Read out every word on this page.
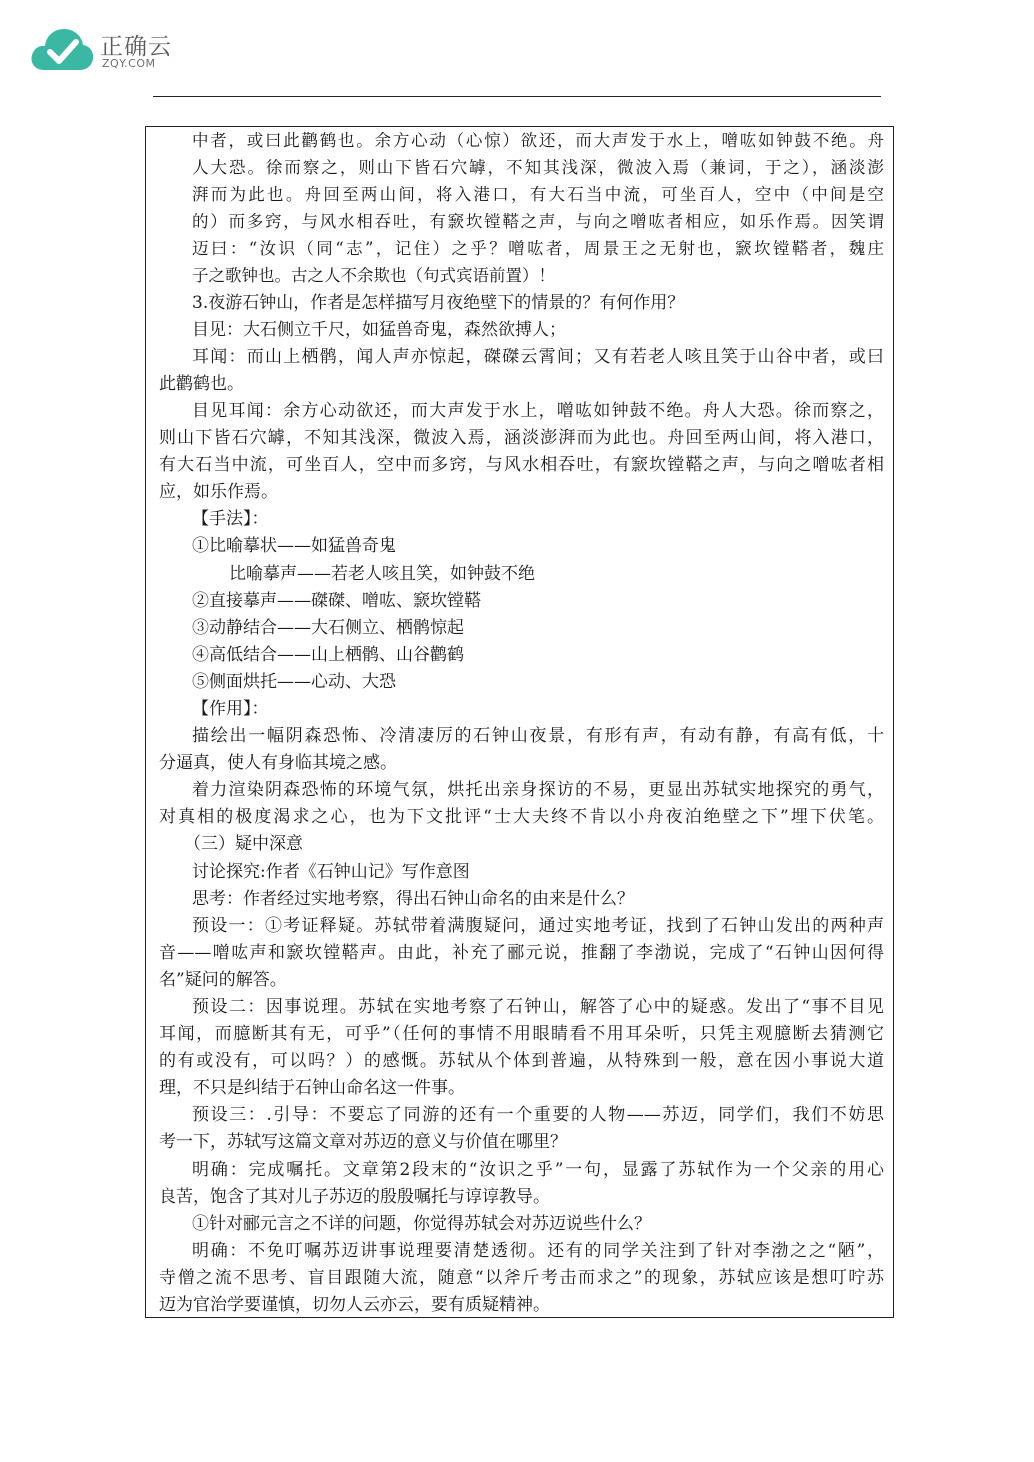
正确云
ZQY.COM
中者，或曰此鹳鹤也。余方心动（心惊）欲还，而大声发于水上，噌吰如钟鼓不绝。舟
人大恐。徐而察之，则山下皆石穴罅，不知其浅深，微波入焉（兼词，于之），涵淡澎
湃而为此也。舟回至两山间，将入港口，有大石当中流，可坐百人，空中（中间是空
的）而多窍，与风水相吞吐，有窾坎镗鞳之声，与向之噌吰者相应，如乐作焉。因笑谓
迈曰：“汝识（同“志”，记住）之乎？噌吰者，周景王之无射也，窾坎镗鞳者，魏庄
子之歌钟也。古之人不余欺也（句式宾语前置）！
3.夜游石钟山，作者是怎样描写月夜绝壁下的情景的？有何作用？
目见：大石侧立千尺，如猛兽奇鬼，森然欲搏人；
耳闻：而山上栖鹘，闻人声亦惊起，磔磔云霄间；又有若老人咳且笑于山谷中者，或曰
此鹳鹤也。
目见耳闻：余方心动欲还，而大声发于水上，噌吰如钟鼓不绝。舟人大恐。徐而察之，
则山下皆石穴罅，不知其浅深，微波入焉，涵淡澎湃而为此也。舟回至两山间，将入港口，
有大石当中流，可坐百人，空中而多窍，与风水相吞吐，有窾坎镗鞳之声，与向之噌吰者相
应，如乐作焉。
【手法】：
①比喻摹状——如猛兽奇鬼
比喻摹声——若老人咳且笑，如钟鼓不绝
②直接摹声——磔磔、噌吰、窾坎镗鞳
③动静结合——大石侧立、栖鹘惊起
④高低结合——山上栖鹘、山谷鹳鹤
⑤侧面烘托——心动、大恐
【作用】：
描绘出一幅阴森恐怖、冷清凄厉的石钟山夜景，有形有声，有动有静，有高有低，十
分逼真，使人有身临其境之感。
着力渲染阴森恐怖的环境气氛，烘托出亲身探访的不易，更显出苏轼实地探究的勇气，
对真相的极度渴求之心，也为下文批评“士大夫终不肯以小舟夜泊绝壁之下”埋下伏笔。
（三）疑中深意
讨论探究:作者《石钟山记》写作意图
思考：作者经过实地考察，得出石钟山命名的由来是什么？
预设一：①考证释疑。苏轼带着满腹疑问，通过实地考证，找到了石钟山发出的两种声
音——噌吰声和窾坎镗鞳声。由此，补充了郦元说，推翻了李渤说，完成了“石钟山因何得
名”疑问的解答。
预设二：因事说理。苏轼在实地考察了石钟山，解答了心中的疑惑。发出了“事不目见
耳闻，而臆断其有无，可乎”（任何的事情不用眼睛看不用耳朵听，只凭主观臆断去猜测它
的有或没有，可以吗？）的感慨。苏轼从个体到普遍，从特殊到一般，意在因小事说大道
理，不只是纠结于石钟山命名这一件事。
预设三：.引导：不要忘了同游的还有一个重要的人物——苏迈，同学们，我们不妨思
考一下，苏轼写这篇文章对苏迈的意义与价值在哪里？
明确：完成嘱托。文章第2段末的“汝识之乎”一句，显露了苏轼作为一个父亲的用心
良苦，饱含了其对儿子苏迈的殷殷嘱托与谆谆教导。
①针对郦元言之不详的问题，你觉得苏轼会对苏迈说些什么？
明确：不免叮嘱苏迈讲事说理要清楚透彻。还有的同学关注到了针对李渤之之“陋”，
寺僧之流不思考、盲目跟随大流，随意“以斧斤考击而求之”的现象，苏轼应该是想叮咛苏
迈为官治学要谨慎，切勿人云亦云，要有质疑精神。
